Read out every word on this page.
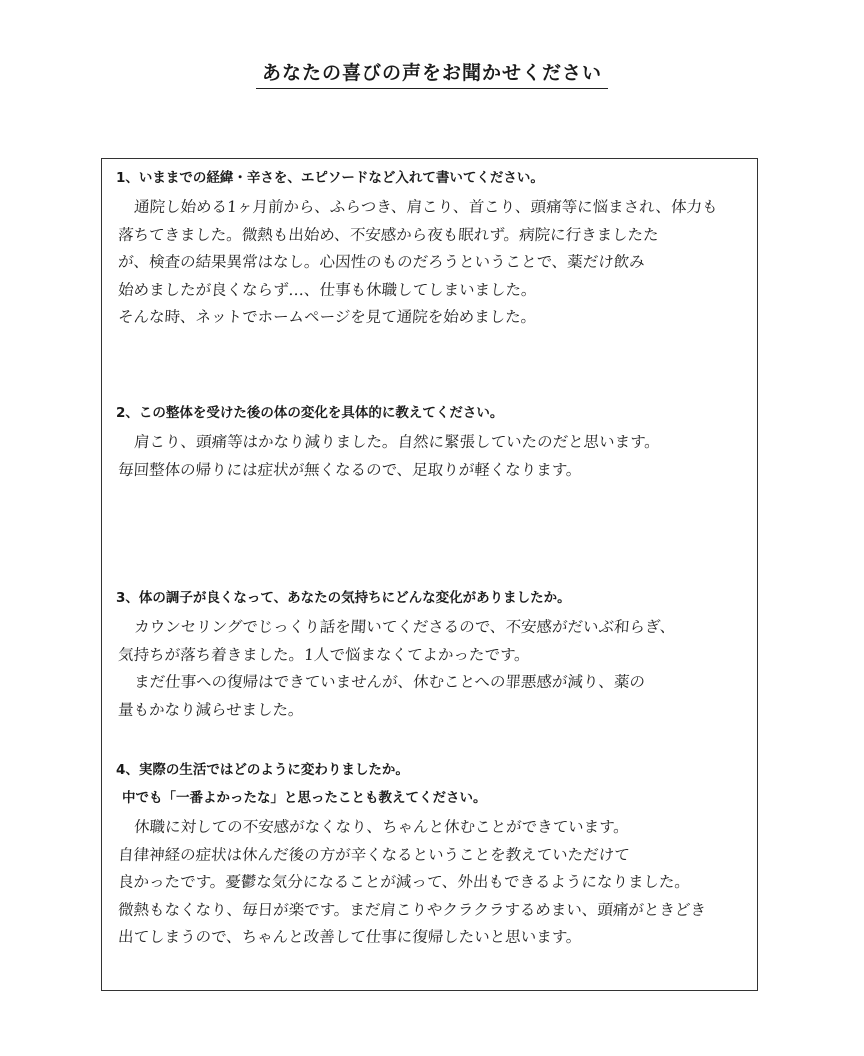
あなたの喜びの声をお聞かせください
1、いままでの経緯・辛さを、エピソードなど入れて書いてください。
通院し始める1ヶ月前から、ふらつき、肩こり、首こり、頭痛等に悩まされ、体力も
落ちてきました。微熱も出始め、不安感から夜も眠れず。病院に行きましたた
が、検査の結果異常はなし。心因性のものだろうということで、薬だけ飲み
始めましたが良くならず…、仕事も休職してしまいました。
そんな時、ネットでホームページを見て通院を始めました。
2、この整体を受けた後の体の変化を具体的に教えてください。
肩こり、頭痛等はかなり減りました。自然に緊張していたのだと思います。
毎回整体の帰りには症状が無くなるので、足取りが軽くなります。
3、体の調子が良くなって、あなたの気持ちにどんな変化がありましたか。
カウンセリングでじっくり話を聞いてくださるので、不安感がだいぶ和らぎ、
気持ちが落ち着きました。1人で悩まなくてよかったです。
まだ仕事への復帰はできていませんが、休むことへの罪悪感が減り、薬の
量もかなり減らせました。
4、実際の生活ではどのように変わりましたか。
中でも「一番よかったな」と思ったことも教えてください。
休職に対しての不安感がなくなり、ちゃんと休むことができています。
自律神経の症状は休んだ後の方が辛くなるということを教えていただけて
良かったです。憂鬱な気分になることが減って、外出もできるようになりました。
微熱もなくなり、毎日が楽です。まだ肩こりやクラクラするめまい、頭痛がときどき
出てしまうので、ちゃんと改善して仕事に復帰したいと思います。
